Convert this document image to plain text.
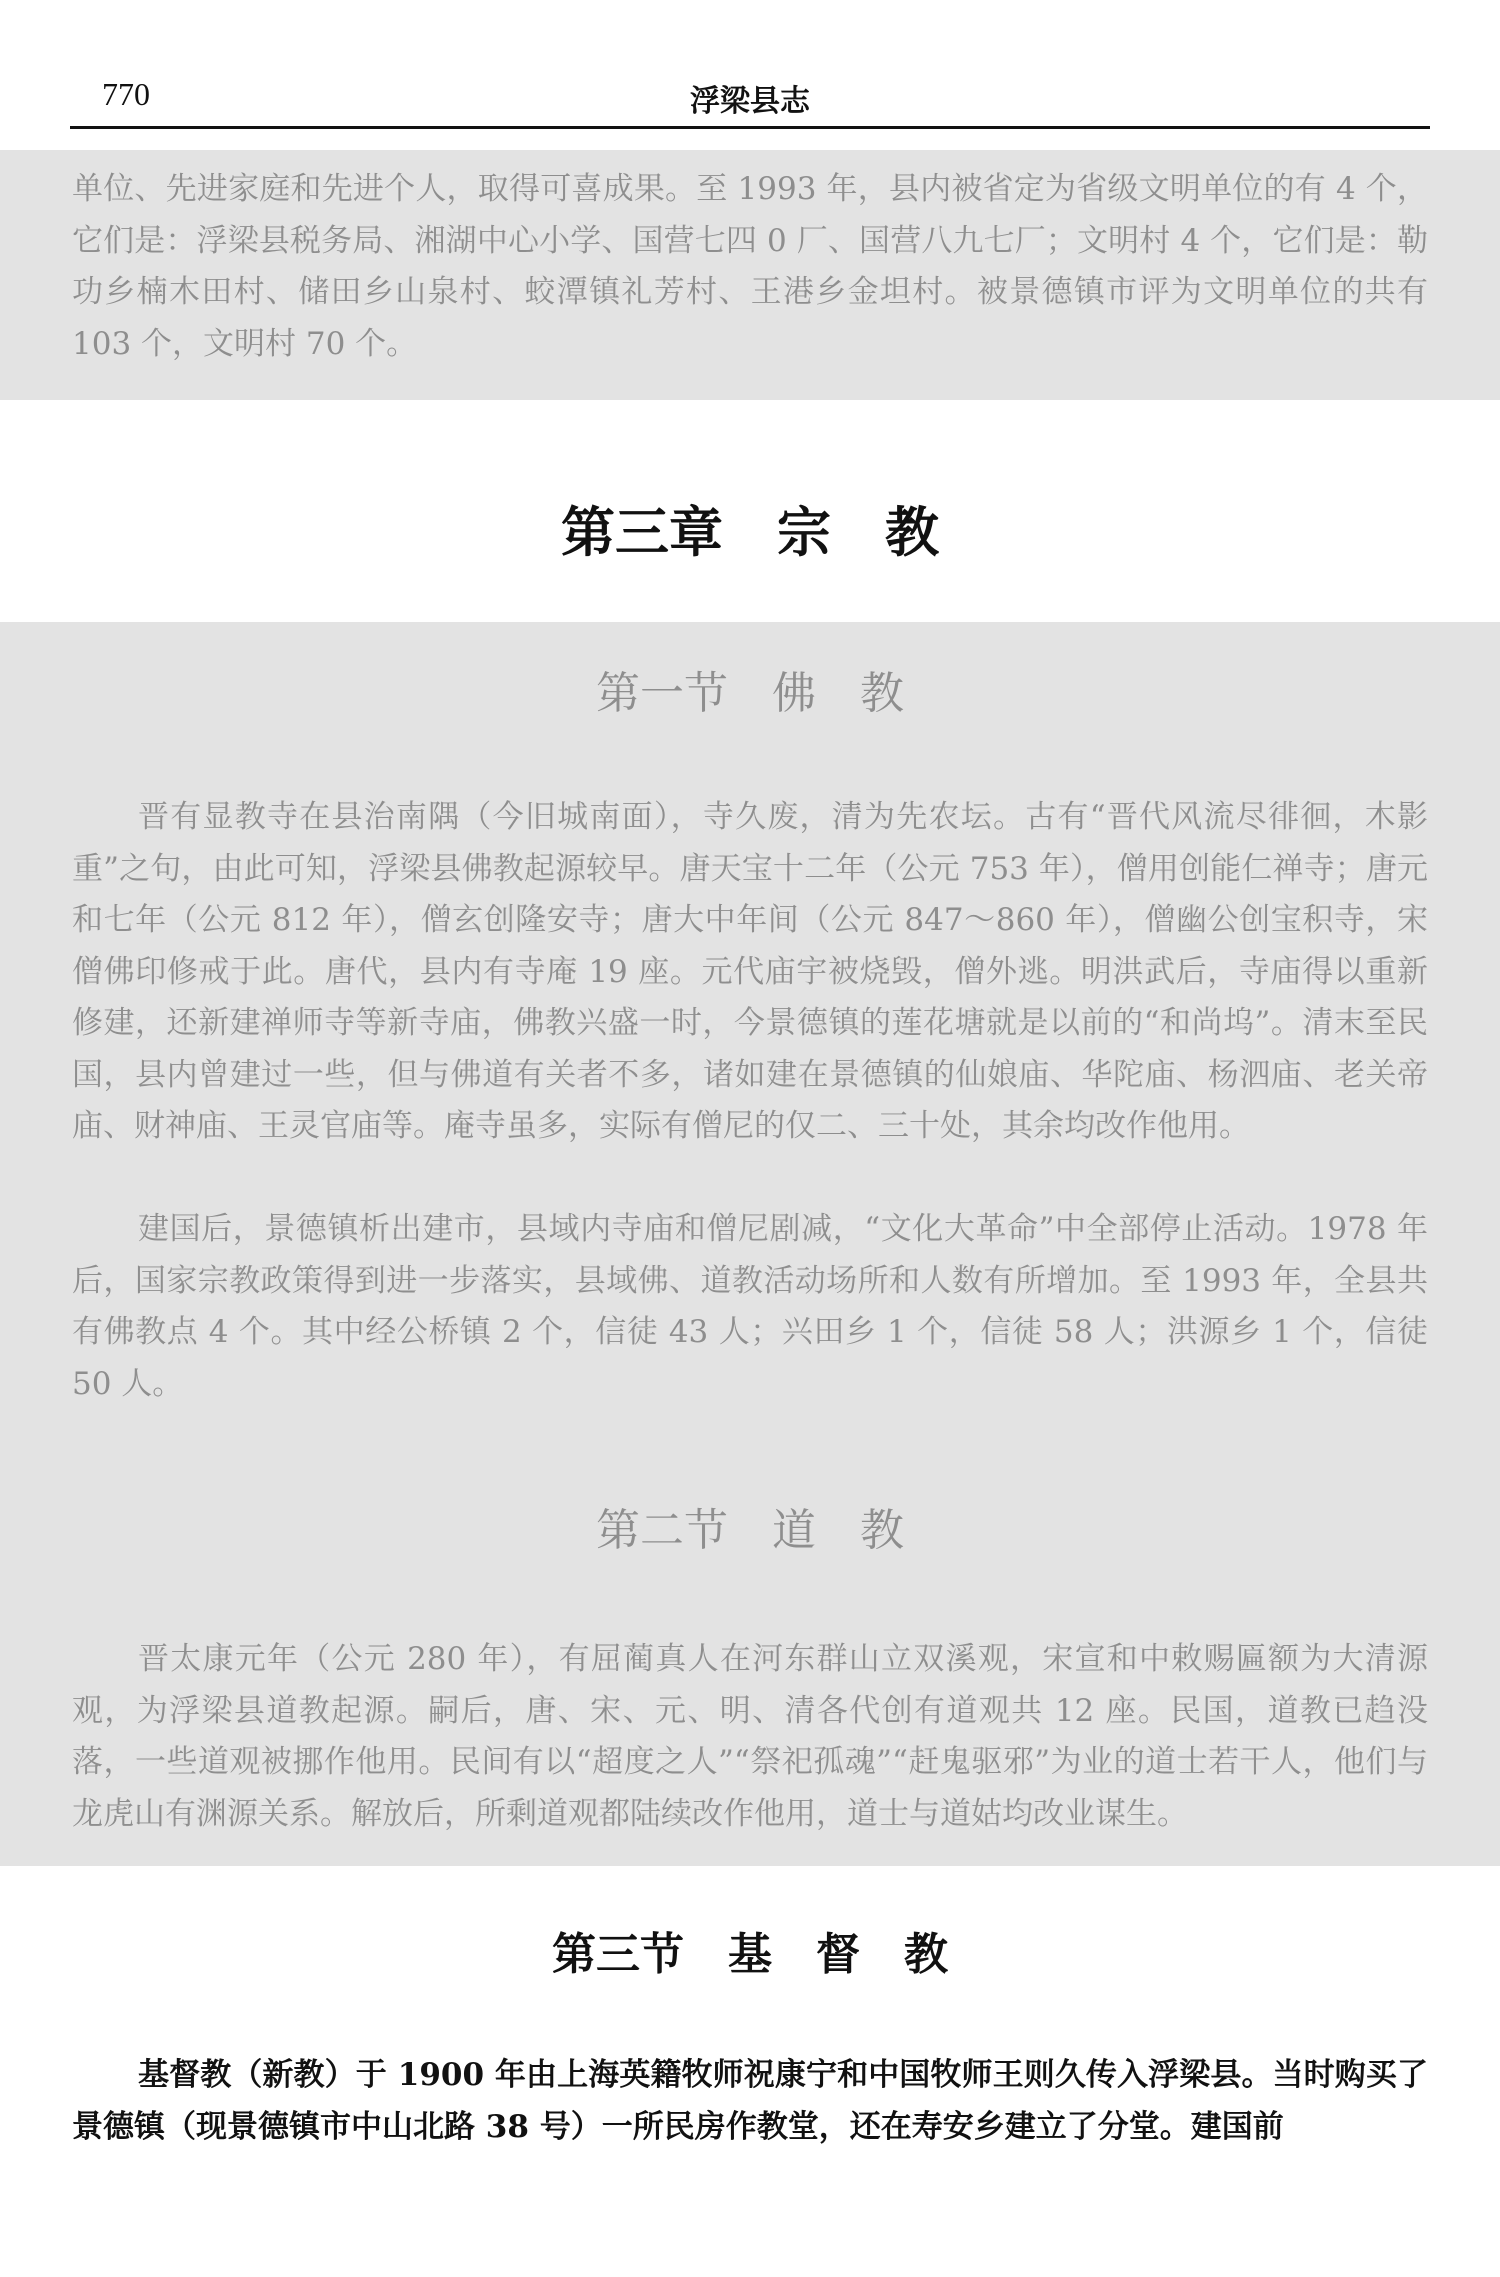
770	浮梁县志

单位、先进家庭和先进个人，取得可喜成果。至 1993 年，县内被省定为省级文明单位的有 4 个，它们是：浮梁县税务局、湘湖中心小学、国营七四 0 厂、国营八九七厂；文明村 4 个，它们是：勒功乡楠木田村、储田乡山泉村、蛟潭镇礼芳村、王港乡金坦村。被景德镇市评为文明单位的共有 103 个，文明村 70 个。

第三章　宗　教
第一节　佛　教

晋有显教寺在县治南隅（今旧城南面），寺久废，清为先农坛。古有“晋代风流尽徘徊，木影重”之句，由此可知，浮梁县佛教起源较早。唐天宝十二年（公元 753 年），僧用创能仁禅寺；唐元和七年（公元 812 年），僧玄创隆安寺；唐大中年间（公元 847～860 年），僧幽公创宝积寺，宋僧佛印修戒于此。唐代，县内有寺庵 19 座。元代庙宇被烧毁，僧外逃。明洪武后，寺庙得以重新修建，还新建禅师寺等新寺庙，佛教兴盛一时，今景德镇的莲花塘就是以前的“和尚坞”。清末至民国，县内曾建过一些，但与佛道有关者不多，诸如建在景德镇的仙娘庙、华陀庙、杨泗庙、老关帝庙、财神庙、王灵官庙等。庵寺虽多，实际有僧尼的仅二、三十处，其余均改作他用。

建国后，景德镇析出建市，县域内寺庙和僧尼剧减，“文化大革命”中全部停止活动。1978 年后，国家宗教政策得到进一步落实，县域佛、道教活动场所和人数有所增加。至 1993 年，全县共有佛教点 4 个。其中经公桥镇 2 个，信徒 43 人；兴田乡 1 个，信徒 58 人；洪源乡 1 个，信徒 50 人。

第二节　道　教

晋太康元年（公元 280 年），有屈蔺真人在河东群山立双溪观，宋宣和中敕赐匾额为大清源观，为浮梁县道教起源。嗣后，唐、宋、元、明、清各代创有道观共 12 座。民国，道教已趋没落，一些道观被挪作他用。民间有以“超度之人”“祭祀孤魂”“赶鬼驱邪”为业的道士若干人，他们与龙虎山有渊源关系。解放后，所剩道观都陆续改作他用，道士与道姑均改业谋生。

第三节　基　督　教

基督教（新教）于 1900 年由上海英籍牧师祝康宁和中国牧师王则久传入浮梁县。当时购买了景德镇（现景德镇市中山北路 38 号）一所民房作教堂，还在寿安乡建立了分堂。建国前
